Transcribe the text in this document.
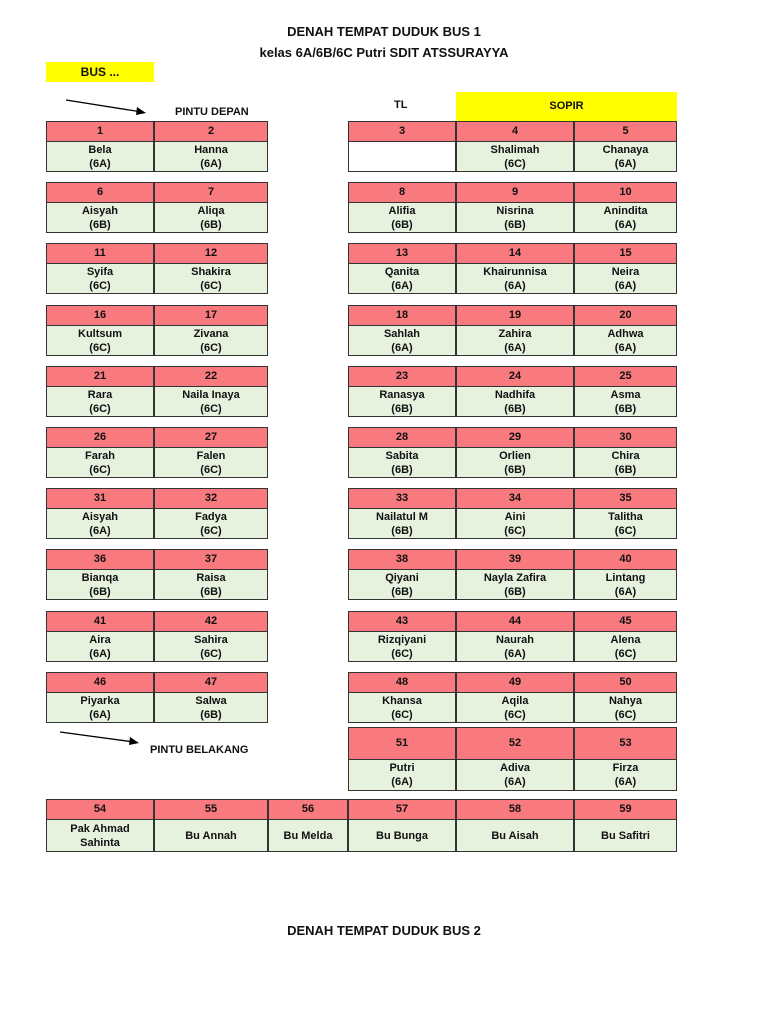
DENAH TEMPAT DUDUK BUS 1
kelas 6A/6B/6C Putri SDIT ATSSURAYYA
BUS ...
PINTU DEPAN
TL	SOPIR
PINTU BELAKANG
1
Bela
(6A)
2
Hanna
(6A)
3	4
Shalimah
(6C)
5
Chanaya
(6A)
6
Aisyah
(6B)
7
Aliqa
(6B)
8
Alifia
(6B)
9
Nisrina
(6B)
10
Anindita
(6A)
11
Syifa
(6C)
12
Shakira
(6C)
13
Qanita
(6A)
14
Khairunnisa
(6A)
15
Neira
(6A)
16
Kultsum
(6C)
17
Zivana
(6C)
18
Sahlah
(6A)
19
Zahira
(6A)
20
Adhwa
(6A)
21
Rara
(6C)
22
Naila Inaya
(6C)
23
Ranasya
(6B)
24
Nadhifa
(6B)
25
Asma
(6B)
26
Farah
(6C)
27
Falen
(6C)
28
Sabita
(6B)
29
Orlien
(6B)
30
Chira
(6B)
31
Aisyah
(6A)
32
Fadya
(6C)
33
Nailatul M
(6B)
34
Aini
(6C)
35
Talitha
(6C)
36
Bianqa
(6B)
37
Raisa
(6B)
38
Qiyani
(6B)
39
Nayla Zafira
(6B)
40
Lintang
(6A)
41
Aira
(6A)
42
Sahira
(6C)
43
Rizqiyani
(6C)
44
Naurah
(6A)
45
Alena
(6C)
46
Piyarka
(6A)
47
Salwa
(6B)
48
Khansa
(6C)
49
Aqila
(6C)
50
Nahya
(6C)
51
Putri
(6A)
52
Adiva
(6A)
53
Firza
(6A)
54
Pak Ahmad
Sahinta
55
Bu Annah
56
Bu Melda
57
Bu Bunga
58
Bu Aisah
59
Bu Safitri
DENAH TEMPAT DUDUK BUS 2
